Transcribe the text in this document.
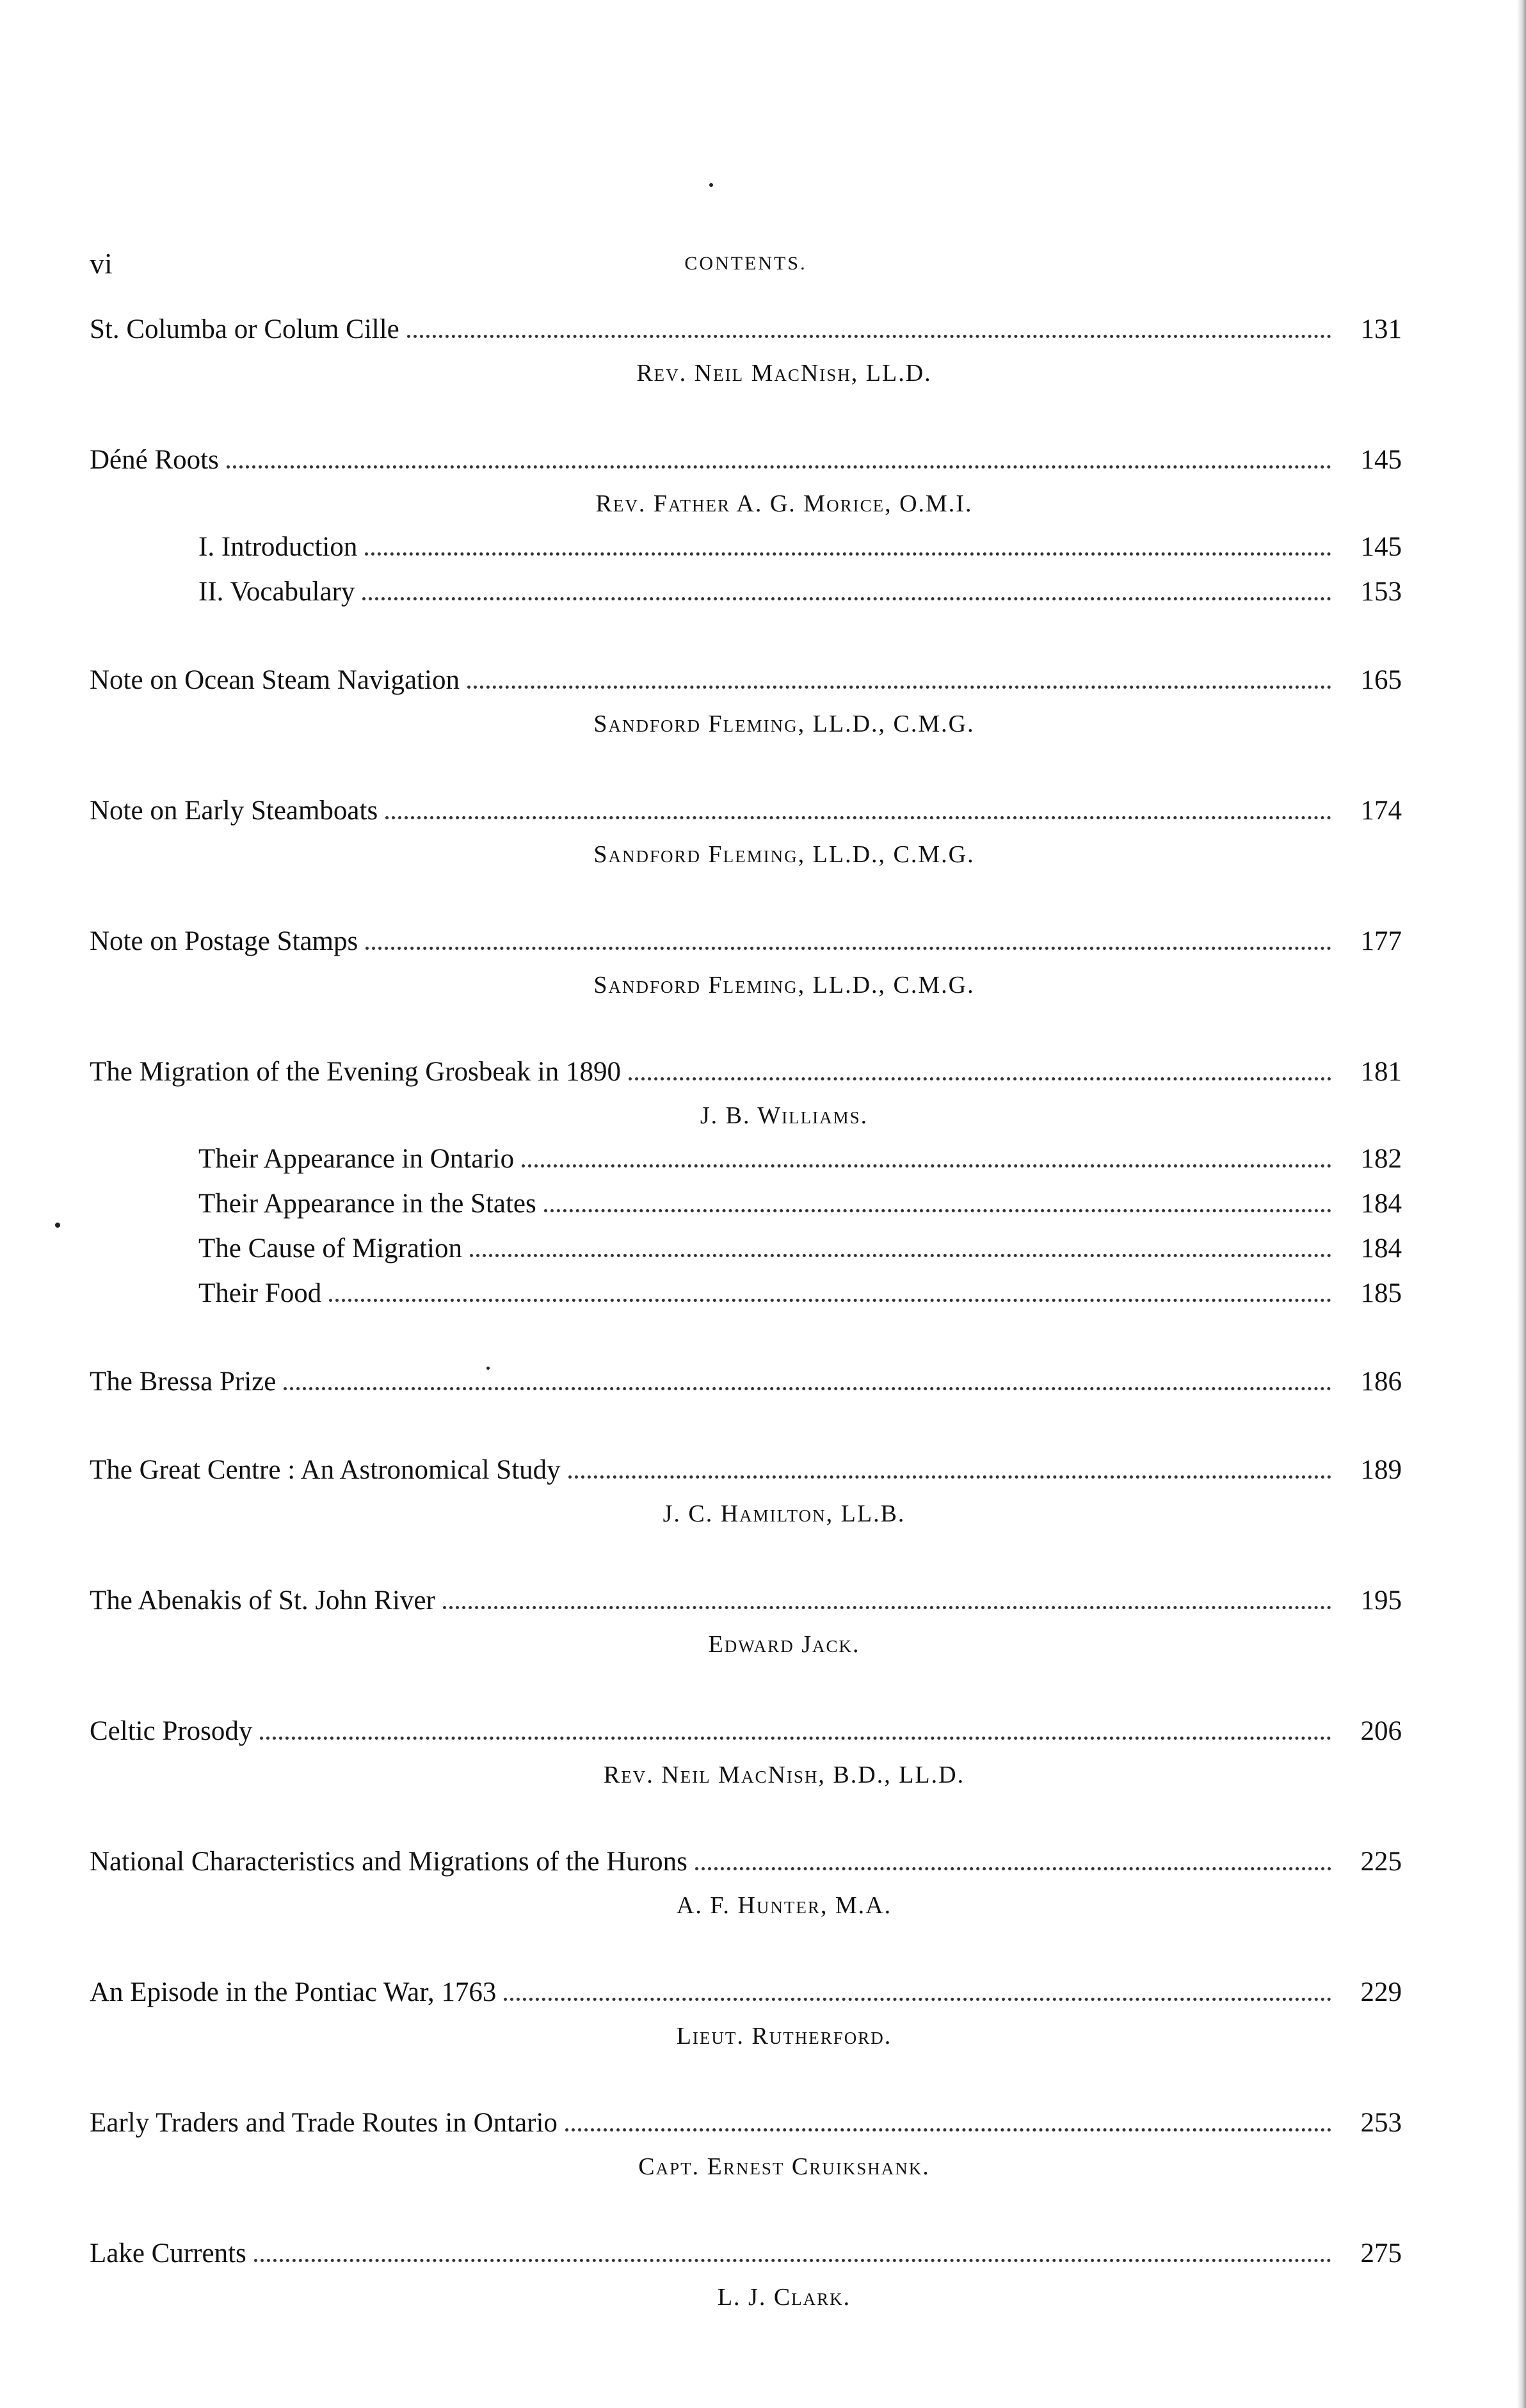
vi	CONTENTS.
St. Columba or Colum Cille	131
Rev. Neil MacNish, LL.D.
Déné Roots	145
Rev. Father A. G. Morice, O.M.I.
I. Introduction	145
II. Vocabulary	153
Note on Ocean Steam Navigation	165
Sandford Fleming, LL.D., C.M.G.
Note on Early Steamboats	174
Sandford Fleming, LL.D., C.M.G.
Note on Postage Stamps	177
Sandford Fleming, LL.D., C.M.G.
The Migration of the Evening Grosbeak in 1890	181
J. B. Williams.
Their Appearance in Ontario	182
Their Appearance in the States	184
The Cause of Migration	184
Their Food	185
The Bressa Prize	186
The Great Centre : An Astronomical Study	189
J. C. Hamilton, LL.B.
The Abenakis of St. John River	195
Edward Jack.
Celtic Prosody	206
Rev. Neil MacNish, B.D., LL.D.
National Characteristics and Migrations of the Hurons	225
A. F. Hunter, M.A.
An Episode in the Pontiac War, 1763	229
Lieut. Rutherford.
Early Traders and Trade Routes in Ontario	253
Capt. Ernest Cruikshank.
Lake Currents	275
L. J. Clark.
